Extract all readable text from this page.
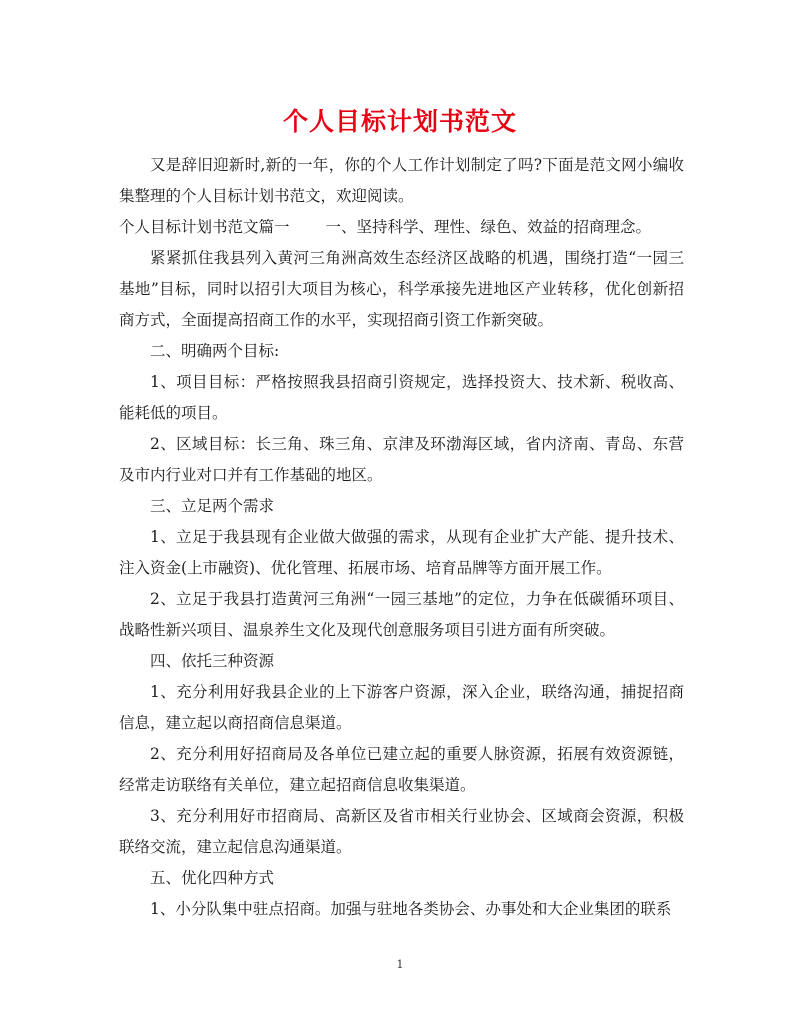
个人目标计划书范文

又是辞旧迎新时,新的一年，你的个人工作计划制定了吗?下面是范文网小编收集整理的个人目标计划书范文，欢迎阅读。

个人目标计划书范文篇一 一、坚持科学、理性、绿色、效益的招商理念。

紧紧抓住我县列入黄河三角洲高效生态经济区战略的机遇，围绕打造“一园三基地”目标，同时以招引大项目为核心，科学承接先进地区产业转移，优化创新招商方式，全面提高招商工作的水平，实现招商引资工作新突破。

二、明确两个目标:

1、项目目标：严格按照我县招商引资规定，选择投资大、技术新、税收高、能耗低的项目。

2、区域目标：长三角、珠三角、京津及环渤海区域，省内济南、青岛、东营及市内行业对口并有工作基础的地区。

三、立足两个需求

1、立足于我县现有企业做大做强的需求，从现有企业扩大产能、提升技术、注入资金(上市融资)、优化管理、拓展市场、培育品牌等方面开展工作。

2、立足于我县打造黄河三角洲“一园三基地”的定位，力争在低碳循环项目、战略性新兴项目、温泉养生文化及现代创意服务项目引进方面有所突破。

四、依托三种资源

1、充分利用好我县企业的上下游客户资源，深入企业，联络沟通，捕捉招商信息，建立起以商招商信息渠道。

2、充分利用好招商局及各单位已建立起的重要人脉资源，拓展有效资源链，经常走访联络有关单位，建立起招商信息收集渠道。

3、充分利用好市招商局、高新区及省市相关行业协会、区域商会资源，积极联络交流，建立起信息沟通渠道。

五、优化四种方式

1、小分队集中驻点招商。加强与驻地各类协会、办事处和大企业集团的联系

1
